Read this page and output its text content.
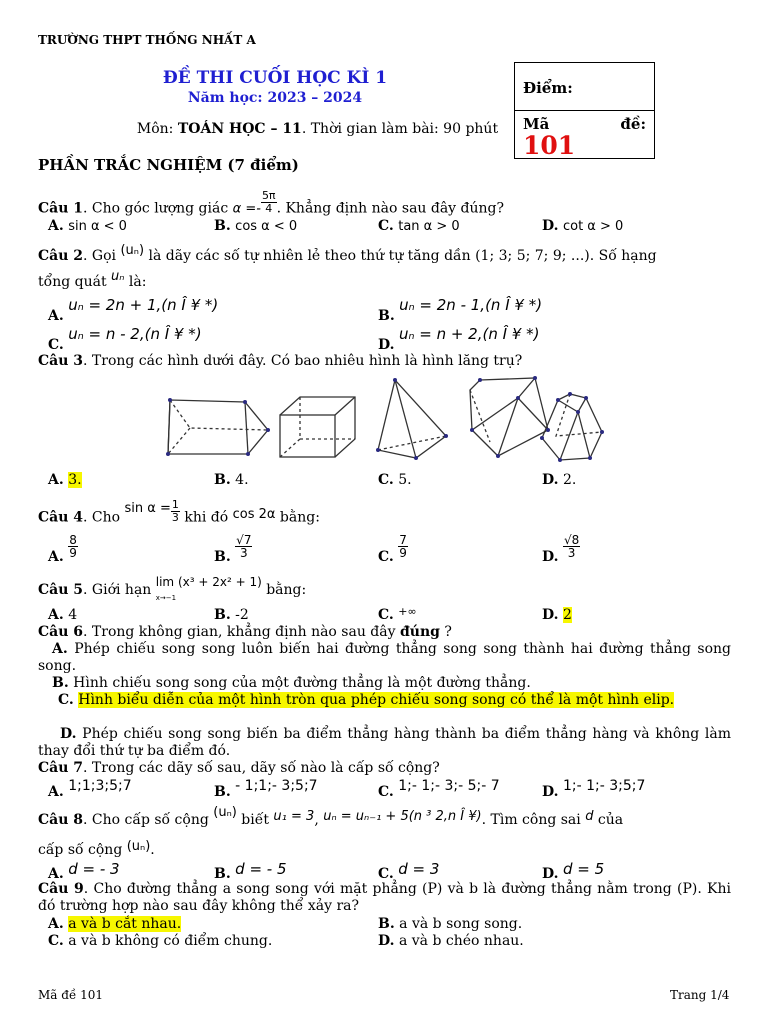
TRƯỜNG THPT THỐNG NHẤT A
ĐỀ THI CUỐI HỌC KÌ 1
Năm học: 2023 – 2024
Môn: TOÁN HỌC – 11. Thời gian làm bài: 90 phút
Điểm:
Mã	đề:
101
PHẦN TRẮC NGHIỆM (7 điểm)
Câu 1. Cho góc lượng giác $\alpha =- \frac{5\pi}{4}$ . Khẳng định nào sau đây đúng?
A. sin α < 0	B. cos α < 0	C. tan α > 0	D. cot α > 0
Câu 2. Gọi (uₙ) là dãy các số tự nhiên lẻ theo thứ tự tăng dần (1; 3; 5; 7; 9; ...). Số hạng
tổng quát uₙ là:
A. uₙ = 2n + 1,(n Î ¥ *)
B. uₙ = 2n - 1,(n Î ¥ *)
C. uₙ = n - 2,(n Î ¥ *)
D. uₙ = n + 2,(n Î ¥ *)
Câu 3. Trong các hình dưới đây. Có bao nhiêu hình là hình lăng trụ?
A. 3.	B. 4.	C. 5.	D. 2.
Câu 4. Cho $\sin \alpha = \frac{1}{3}$ khi đó cos 2α bằng:
A. $\frac{8}{9}$	B. $\frac{√7}{3}$	C. $\frac{7}{9}$	D. $\frac{√8}{3}$
Câu 5. Giới hạn lim (x³ + 2x² + 1)
x→−1	bằng:
A. 4	B. -2	C. +∞	D. 2
Câu 6. Trong không gian, khẳng định nào sau đây đúng ?
A. Phép chiếu song song luôn biến hai đường thẳng song song thành hai đường thẳng song song.
B. Hình chiếu song song của một đường thẳng là một đường thẳng.
C. Hình biểu diễn của một hình tròn qua phép chiếu song song có thể là một hình elip.
D. Phép chiếu song song biến ba điểm thẳng hàng thành ba điểm thẳng hàng và không làm thay đổi thứ tự ba điểm đó.
Câu 7. Trong các dãy số sau, dãy số nào là cấp số cộng?
A. 1;1;3;5;7	B. - 1;1;- 3;5;7	C. 1;- 1;- 3;- 5;- 7	D. 1;- 1;- 3;5;7
Câu 8. Cho cấp số cộng (uₙ) biết u₁ = 3, uₙ = uₙ₋₁ + 5(n ³ 2,n Î ¥). Tìm công sai d của
cấp số cộng (uₙ).
A. d = - 3	B. d = - 5	C. d = 3	D. d = 5
Câu 9. Cho đường thẳng a song song với mặt phẳng (P) và b là đường thẳng nằm trong (P). Khi đó trường hợp nào sau đây không thể xảy ra?
A. a và b cắt nhau.	B. a và b song song.
C. a và b không có điểm chung.	D. a và b chéo nhau.
Mã đề 101	Trang 1/4
